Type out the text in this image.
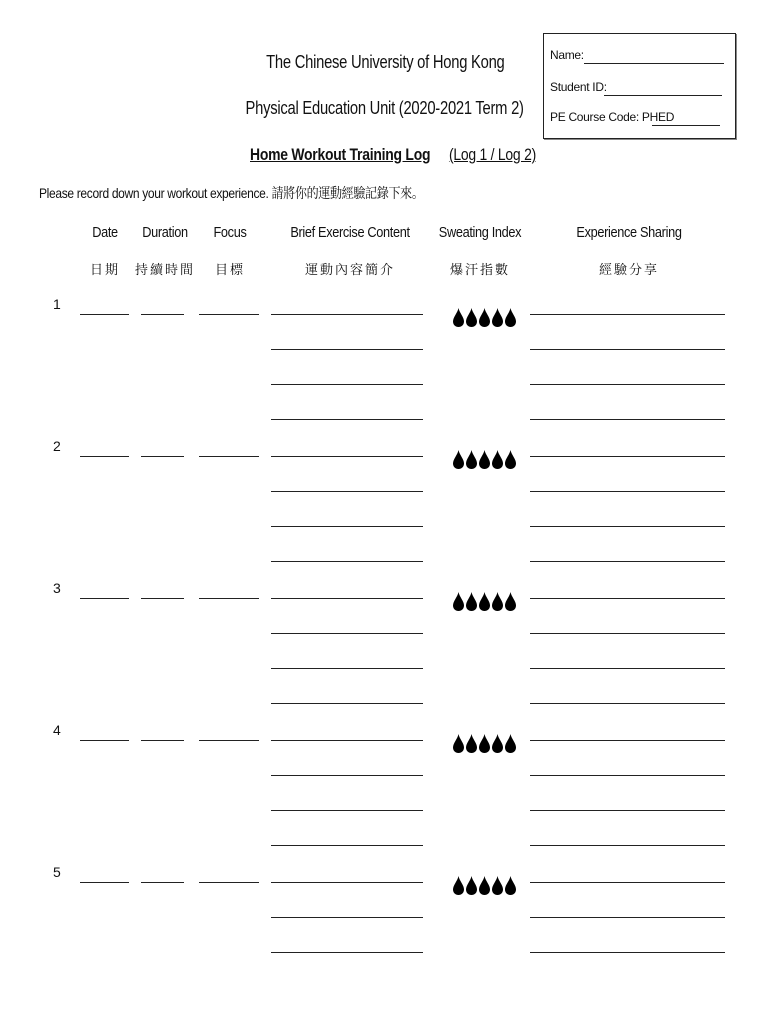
The Chinese University of Hong Kong
Physical Education Unit (2020-2021 Term 2)
Home Workout Training Log (Log 1 / Log 2)
Name:
Student ID:
PE Course Code: PHED
Please record down your workout experience. 請將你的運動經驗記錄下來。
Date
日期
Duration
持續時間
Focus
目標
Brief Exercise Content
運動內容簡介
Sweating Index
爆汗指數
Experience Sharing
經驗分享
1
2
3
4
5
